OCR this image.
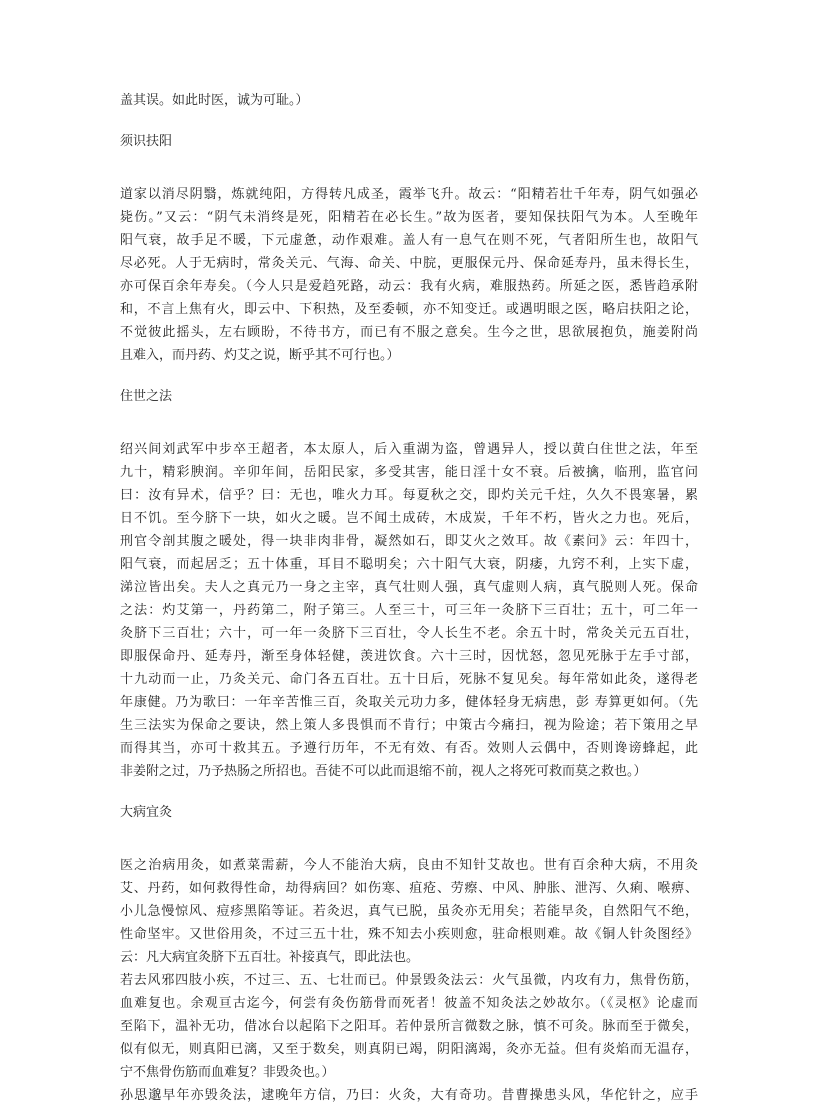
盖其误。如此时医，诚为可耻。）
须识扶阳
道家以消尽阴翳，炼就纯阳，方得转凡成圣，霞举飞升。故云：“阳精若壮千年寿，阴气如强必
毙伤。”又云：“阴气未消终是死，阳精若在必长生。”故为医者，要知保扶阳气为本。人至晚年
阳气衰，故手足不暖，下元虚惫，动作艰难。盖人有一息气在则不死，气者阳所生也，故阳气
尽必死。人于无病时，常灸关元、气海、命关、中脘，更服保元丹、保命延寿丹，虽未得长生，
亦可保百余年寿矣。（今人只是爱趋死路，动云：我有火病，难服热药。所延之医，悉皆趋承附
和，不言上焦有火，即云中、下积热，及至委顿，亦不知变迁。或遇明眼之医，略启扶阳之论，
不觉彼此摇头，左右顾盼，不待书方，而已有不服之意矣。生今之世，思欲展抱负，施姜附尚
且难入，而丹药、灼艾之说，断乎其不可行也。）
住世之法
绍兴间刘武军中步卒王超者，本太原人，后入重湖为盗，曾遇异人，授以黄白住世之法，年至
九十，精彩腴润。辛卯年间，岳阳民家，多受其害，能日淫十女不衰。后被擒，临刑，监官问
曰：汝有异术，信乎？曰：无也，唯火力耳。每夏秋之交，即灼关元千炷，久久不畏寒暑，累
日不饥。至今脐下一块，如火之暖。岂不闻土成砖，木成炭，千年不朽，皆火之力也。死后，
刑官令剖其腹之暖处，得一块非肉非骨，凝然如石，即艾火之效耳。故《素问》云：年四十，
阳气衰，而起居乏；五十体重，耳目不聪明矣；六十阳气大衰，阴痿，九窍不利，上实下虚，
涕泣皆出矣。夫人之真元乃一身之主宰，真气壮则人强，真气虚则人病，真气脱则人死。保命
之法：灼艾第一，丹药第二，附子第三。人至三十，可三年一灸脐下三百壮；五十，可二年一
灸脐下三百壮；六十，可一年一灸脐下三百壮，令人长生不老。余五十时，常灸关元五百壮，
即服保命丹、延寿丹，渐至身体轻健，羡进饮食。六十三时，因忧怒，忽见死脉于左手寸部，
十九动而一止，乃灸关元、命门各五百壮。五十日后，死脉不复见矣。每年常如此灸，遂得老
年康健。乃为歌曰：一年辛苦惟三百，灸取关元功力多，健体轻身无病患，彭 寿算更如何。（先
生三法实为保命之要诀，然上策人多畏惧而不肯行；中策古今痛扫，视为险途；若下策用之早
而得其当，亦可十救其五。予遵行历年，不无有效、有否。效则人云偶中，否则谗谤蜂起，此
非姜附之过，乃予热肠之所招也。吾徒不可以此而退缩不前，视人之将死可救而莫之救也。）
大病宜灸
医之治病用灸，如煮菜需薪，今人不能治大病，良由不知针艾故也。世有百余种大病，不用灸
艾、丹药，如何救得性命，劫得病回？如伤寒、疽疮、劳瘵、中风、肿胀、泄泻、久痢、喉痹、
小儿急慢惊风、痘疹黑陷等证。若灸迟，真气已脱，虽灸亦无用矣；若能早灸，自然阳气不绝，
性命坚牢。又世俗用灸，不过三五十壮，殊不知去小疾则愈，驻命根则难。故《铜人针灸图经》
云：凡大病宜灸脐下五百壮。补接真气，即此法也。
若去风邪四肢小疾，不过三、五、七壮而已。仲景毁灸法云：火气虽微，内攻有力，焦骨伤筋，
血难复也。余观亘古迄今，何尝有灸伤筋骨而死者！彼盖不知灸法之妙故尔。（《灵枢》论虚而
至陷下，温补无功，借冰台以起陷下之阳耳。若仲景所言微数之脉，慎不可灸。脉而至于微矣，
似有似无，则真阳已漓，又至于数矣，则真阴已竭，阴阳漓竭，灸亦无益。但有炎焰而无温存，
宁不焦骨伤筋而血难复？非毁灸也。）
孙思邈早年亦毁灸法，逮晚年方信，乃曰：火灸，大有奇功。昔曹操患头风，华佗针之，应手
